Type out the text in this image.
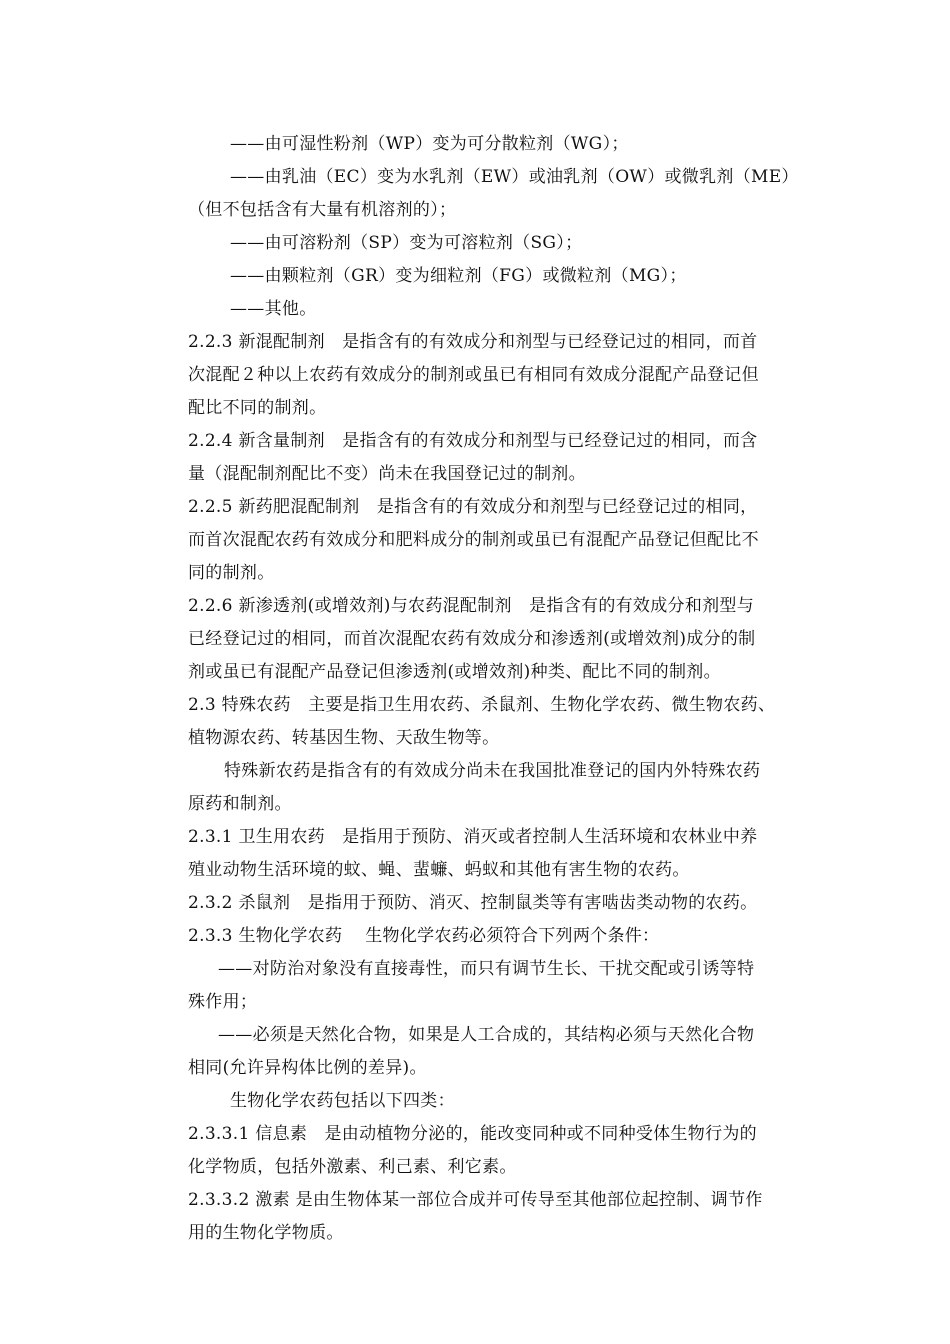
——由可湿性粉剂（WP）变为可分散粒剂（WG）；
——由乳油（EC）变为水乳剂（EW）或油乳剂（OW）或微乳剂（ME）
（但不包括含有大量有机溶剂的）；
——由可溶粉剂（SP）变为可溶粒剂（SG）；
——由颗粒剂（GR）变为细粒剂（FG）或微粒剂（MG）；
——其他。
2.2.3 新混配制剂　是指含有的有效成分和剂型与已经登记过的相同，而首
次混配２种以上农药有效成分的制剂或虽已有相同有效成分混配产品登记但
配比不同的制剂。
2.2.4 新含量制剂　是指含有的有效成分和剂型与已经登记过的相同，而含
量（混配制剂配比不变）尚未在我国登记过的制剂。
2.2.5 新药肥混配制剂　是指含有的有效成分和剂型与已经登记过的相同，
而首次混配农药有效成分和肥料成分的制剂或虽已有混配产品登记但配比不
同的制剂。
2.2.6 新渗透剂(或增效剂)与农药混配制剂　是指含有的有效成分和剂型与
已经登记过的相同，而首次混配农药有效成分和渗透剂(或增效剂)成分的制
剂或虽已有混配产品登记但渗透剂(或增效剂)种类、配比不同的制剂。
2.3 特殊农药　主要是指卫生用农药、杀鼠剂、生物化学农药、微生物农药、
植物源农药、转基因生物、天敌生物等。
特殊新农药是指含有的有效成分尚未在我国批准登记的国内外特殊农药
原药和制剂。
2.3.1 卫生用农药　是指用于预防、消灭或者控制人生活环境和农林业中养
殖业动物生活环境的蚊、蝇、蜚蠊、蚂蚁和其他有害生物的农药。
2.3.2 杀鼠剂　是指用于预防、消灭、控制鼠类等有害啮齿类动物的农药。
2.3.3 生物化学农药　 生物化学农药必须符合下列两个条件：
——对防治对象没有直接毒性，而只有调节生长、干扰交配或引诱等特
殊作用；
——必须是天然化合物，如果是人工合成的，其结构必须与天然化合物
相同(允许异构体比例的差异)。
生物化学农药包括以下四类：
2.3.3.1 信息素　是由动植物分泌的，能改变同种或不同种受体生物行为的
化学物质，包括外激素、利己素、利它素。
2.3.3.2 激素 是由生物体某一部位合成并可传导至其他部位起控制、调节作
用的生物化学物质。
